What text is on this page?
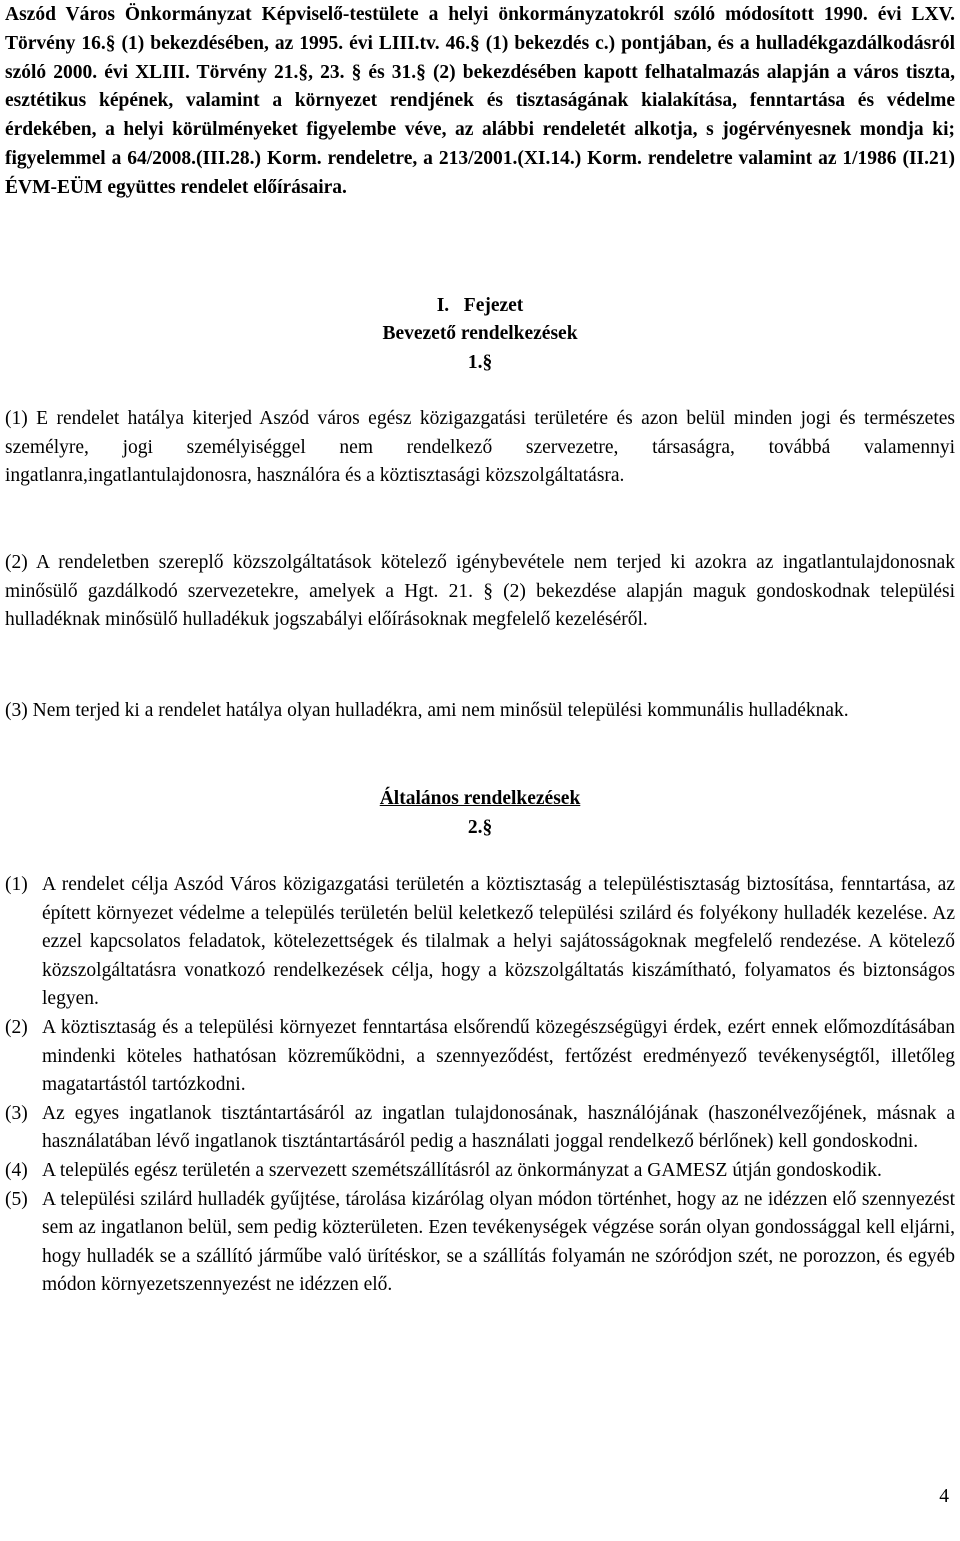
Aszód Város Önkormányzat Képviselő-testülete a helyi önkormányzatokról szóló módosított 1990. évi LXV. Törvény 16.§ (1) bekezdésében, az 1995. évi LIII.tv. 46.§ (1) bekezdés c.) pontjában, és a hulladékgazdálkodásról szóló 2000. évi XLIII. Törvény 21.§, 23. § és 31.§ (2) bekezdésében kapott felhatalmazás alapján a város tiszta, esztétikus képének, valamint a környezet rendjének és tisztaságának kialakítása, fenntartása és védelme érdekében, a helyi körülményeket figyelembe véve, az alábbi rendeletét alkotja, s jogérvényesnek mondja ki; figyelemmel a 64/2008.(III.28.) Korm. rendeletre, a 213/2001.(XI.14.) Korm. rendeletre valamint az 1/1986 (II.21) ÉVM-EÜM együttes rendelet előírásaira.

I. Fejezet
Bevezető rendelkezések
1.§

(1) E rendelet hatálya kiterjed Aszód város egész közigazgatási területére és azon belül minden jogi és természetes személyre, jogi személyiséggel nem rendelkező szervezetre, társaságra, továbbá valamennyi ingatlanra,ingatlantulajdonosra, használóra és a köztisztasági közszolgáltatásra.

(2) A rendeletben szereplő közszolgáltatások kötelező igénybevétele nem terjed ki azokra az ingatlantulajdonosnak minősülő gazdálkodó szervezetekre, amelyek a Hgt. 21. § (2) bekezdése alapján maguk gondoskodnak települési hulladéknak minősülő hulladékuk jogszabályi előírásoknak megfelelő kezeléséről.

(3) Nem terjed ki a rendelet hatálya olyan hulladékra, ami nem minősül települési kommunális hulladéknak.

Általános rendelkezések
2.§
(1) A rendelet célja Aszód Város közigazgatási területén a köztisztaság a településtisztaság biztosítása, fenntartása, az épített környezet védelme a település területén belül keletkező települési szilárd és folyékony hulladék kezelése. Az ezzel kapcsolatos feladatok, kötelezettségek és tilalmak a helyi sajátosságoknak megfelelő rendezése. A kötelező közszolgáltatásra vonatkozó rendelkezések célja, hogy a közszolgáltatás kiszámítható, folyamatos és biztonságos legyen.
(2) A köztisztaság és a települési környezet fenntartása elsőrendű közegészségügyi érdek, ezért ennek előmozdításában mindenki köteles hathatósan közreműködni, a szennyeződést, fertőzést eredményező tevékenységtől, illetőleg magatartástól tartózkodni.
(3) Az egyes ingatlanok tisztántartásáról az ingatlan tulajdonosának, használójának (haszonélvezőjének, másnak a használatában lévő ingatlanok tisztántartásáról pedig a használati joggal rendelkező bérlőnek) kell gondoskodni.
(4) A település egész területén a szervezett szemétszállításról az önkormányzat a GAMESZ útján gondoskodik.
(5) A települési szilárd hulladék gyűjtése, tárolása kizárólag olyan módon történhet, hogy az ne idézzen elő szennyezést sem az ingatlanon belül, sem pedig közterületen. Ezen tevékenységek végzése során olyan gondossággal kell eljárni, hogy hulladék se a szállító járműbe való ürítéskor, se a szállítás folyamán ne szóródjon szét, ne porozzon, és egyéb módon környezetszennyezést ne idézzen elő.
4
